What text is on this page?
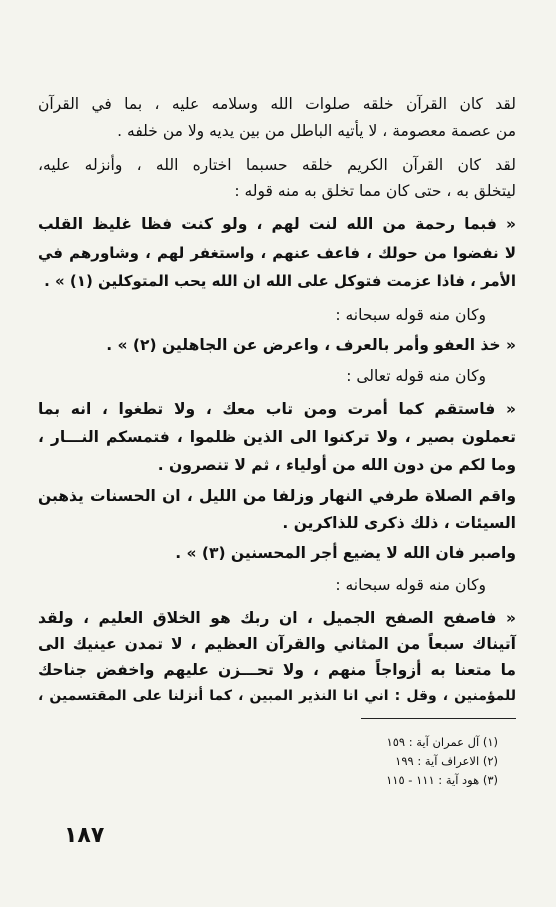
لقد كان القرآن خلقه صلوات الله وسلامه عليه ، بما في القرآن
من عصمة معصومة ، لا يأتيه الباطل من بين يديه ولا من خلفه .
لقد كان القرآن الكريم خلقه حسبما اختاره الله ، وأنزله عليه،
ليتخلق به ، حتى كان مما تخلق به منه قوله :
« فبما رحمة من الله لنت لهم ، ولو كنت فظا غليظ القلب
لا نفضوا من حولك ، فاعف عنهم ، واستغفر لهم ، وشاورهم في
الأمر ، فاذا عزمت فتوكل على الله ان الله يحب المتوكلين (١) » .
وكان منه قوله سبحانه :
« خذ العفو وأمر بالعرف ، واعرض عن الجاهلين (٢) » .
وكان منه قوله تعالى :
« فاستقم كما أمرت ومن تاب معك ، ولا تطغوا ، انه بما
تعملون بصير ، ولا تركنوا الى الذين ظلموا ، فتمسكم النـــار ،
وما لكم من دون الله من أولياء ، ثم لا تنصرون .
واقم الصلاة طرفي النهار وزلفا من الليل ، ان الحسنات يذهبن
السيئات ، ذلك ذكرى للذاكرين .
واصبر فان الله لا يضيع أجر المحسنين (٣) » .
وكان منه قوله سبحانه :
« فاصفح الصفح الجميل ، ان ربك هو الخلاق العليم ، ولقد
آتيناك سبعاً من المثاني والقرآن العظيم ، لا تمدن عينيك الى
ما متعنا به أزواجاً منهم ، ولا تحـــزن عليهم واخفض جناحك
للمؤمنين ، وقل : اني انا النذير المبين ، كما أنزلنا على المقتسمين ،
(١) آل عمران آية : ١٥٩
(٢) الاعراف آية : ١٩٩
(٣) هود آية : ١١١ - ١١٥
١٨٧
